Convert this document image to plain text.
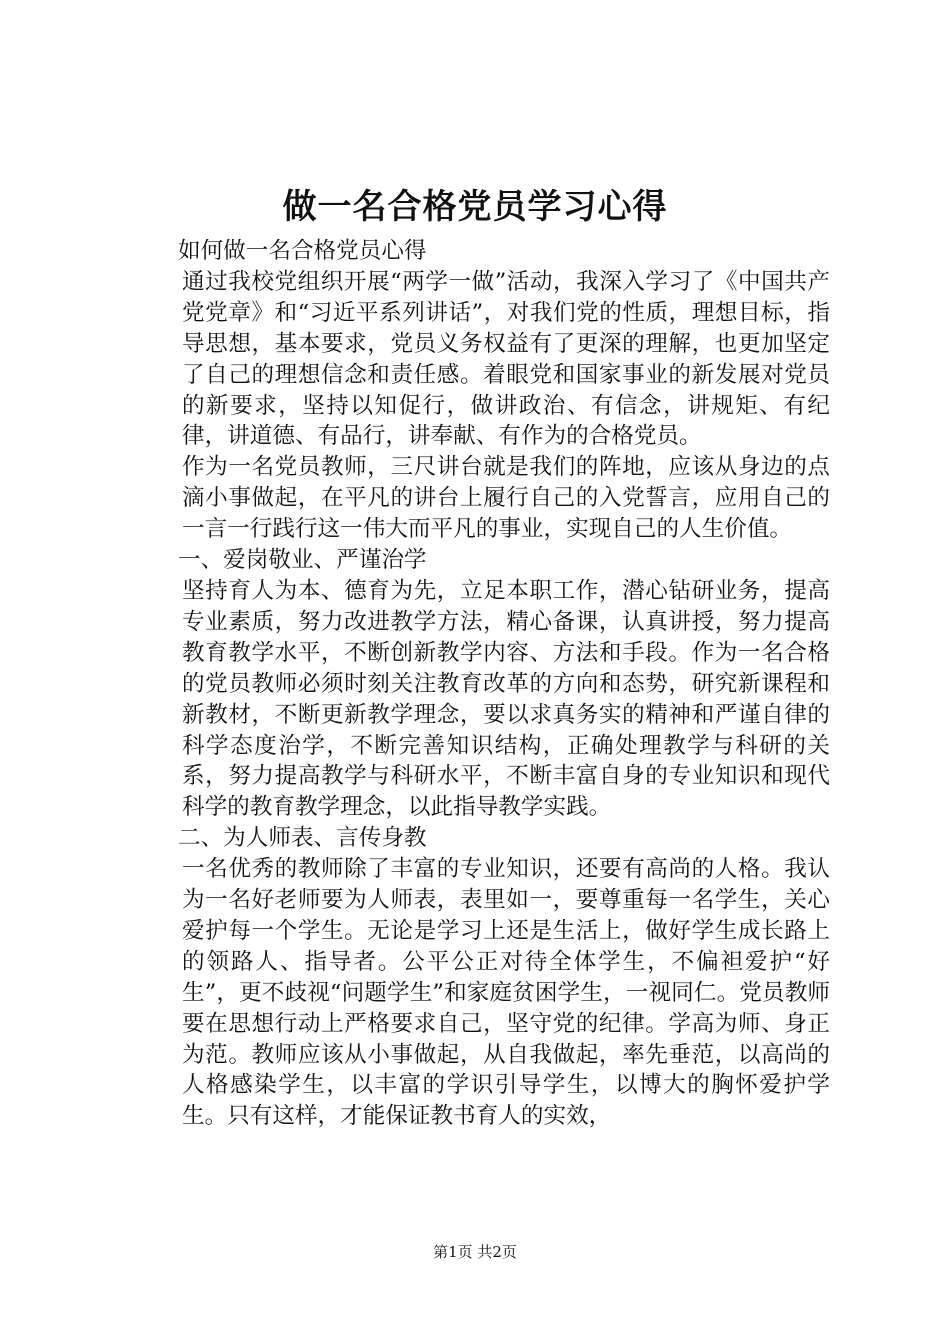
做一名合格党员学习心得

如何做一名合格党员心得

通过我校党组织开展“两学一做”活动，我深入学习了《中国共产党党章》和“习近平系列讲话”，对我们党的性质，理想目标，指导思想，基本要求，党员义务权益有了更深的理解，也更加坚定了自己的理想信念和责任感。着眼党和国家事业的新发展对党员的新要求，坚持以知促行，做讲政治、有信念，讲规矩、有纪律，讲道德、有品行，讲奉献、有作为的合格党员。

作为一名党员教师，三尺讲台就是我们的阵地，应该从身边的点滴小事做起，在平凡的讲台上履行自己的入党誓言，应用自己的一言一行践行这一伟大而平凡的事业，实现自己的人生价值。

一、爱岗敬业、严谨治学

坚持育人为本、德育为先，立足本职工作，潜心钻研业务，提高专业素质，努力改进教学方法，精心备课，认真讲授，努力提高教育教学水平，不断创新教学内容、方法和手段。作为一名合格的党员教师必须时刻关注教育改革的方向和态势，研究新课程和新教材，不断更新教学理念，要以求真务实的精神和严谨自律的科学态度治学，不断完善知识结构，正确处理教学与科研的关系，努力提高教学与科研水平，不断丰富自身的专业知识和现代科学的教育教学理念，以此指导教学实践。

二、为人师表、言传身教

一名优秀的教师除了丰富的专业知识，还要有高尚的人格。我认为一名好老师要为人师表，表里如一，要尊重每一名学生，关心爱护每一个学生。无论是学习上还是生活上，做好学生成长路上的领路人、指导者。公平公正对待全体学生，不偏袒爱护“好生”，更不歧视“问题学生”和家庭贫困学生，一视同仁。党员教师要在思想行动上严格要求自己，坚守党的纪律。学高为师、身正为范。教师应该从小事做起，从自我做起，率先垂范，以高尚的人格感染学生，以丰富的学识引导学生，以博大的胸怀爱护学生。只有这样，才能保证教书育人的实效，

第1页 共2页
